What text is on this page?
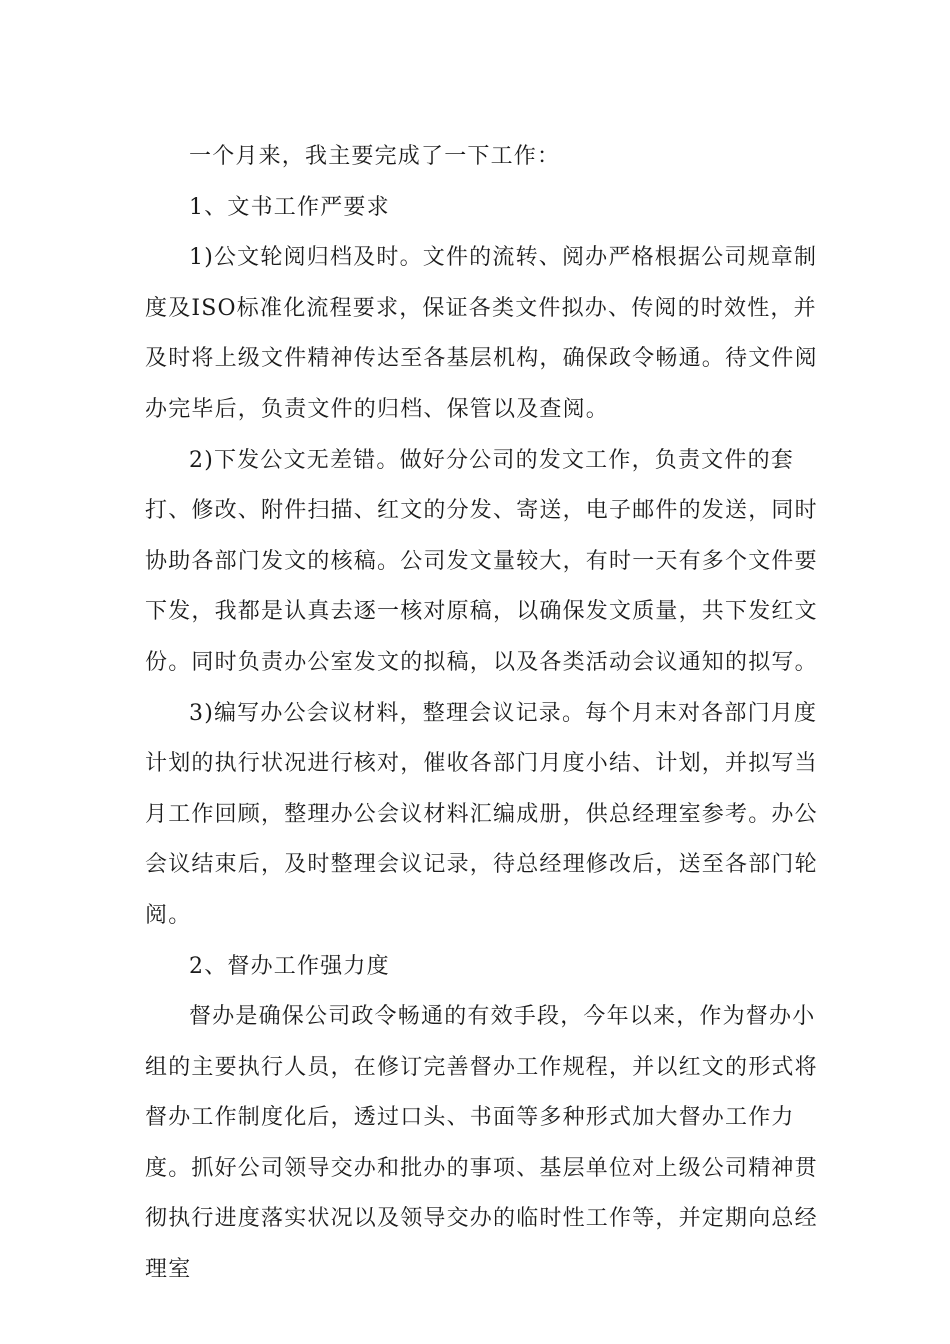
一个月来，我主要完成了一下工作：

1、文书工作严要求

1)公文轮阅归档及时。文件的流转、阅办严格根据公司规章制度及ISO标准化流程要求，保证各类文件拟办、传阅的时效性，并及时将上级文件精神传达至各基层机构，确保政令畅通。待文件阅办完毕后，负责文件的归档、保管以及查阅。

2)下发公文无差错。做好分公司的发文工作，负责文件的套打、修改、附件扫描、红文的分发、寄送，电子邮件的发送，同时协助各部门发文的核稿。公司发文量较大，有时一天有多个文件要下发，我都是认真去逐一核对原稿，以确保发文质量，共下发红文份。同时负责办公室发文的拟稿，以及各类活动会议通知的拟写。

3)编写办公会议材料，整理会议记录。每个月末对各部门月度计划的执行状况进行核对，催收各部门月度小结、计划，并拟写当月工作回顾，整理办公会议材料汇编成册，供总经理室参考。办公会议结束后，及时整理会议记录，待总经理修改后，送至各部门轮阅。

2、督办工作强力度

督办是确保公司政令畅通的有效手段，今年以来，作为督办小组的主要执行人员，在修订完善督办工作规程，并以红文的形式将督办工作制度化后，透过口头、书面等多种形式加大督办工作力度。抓好公司领导交办和批办的事项、基层单位对上级公司精神贯彻执行进度落实状况以及领导交办的临时性工作等，并定期向总经理室
